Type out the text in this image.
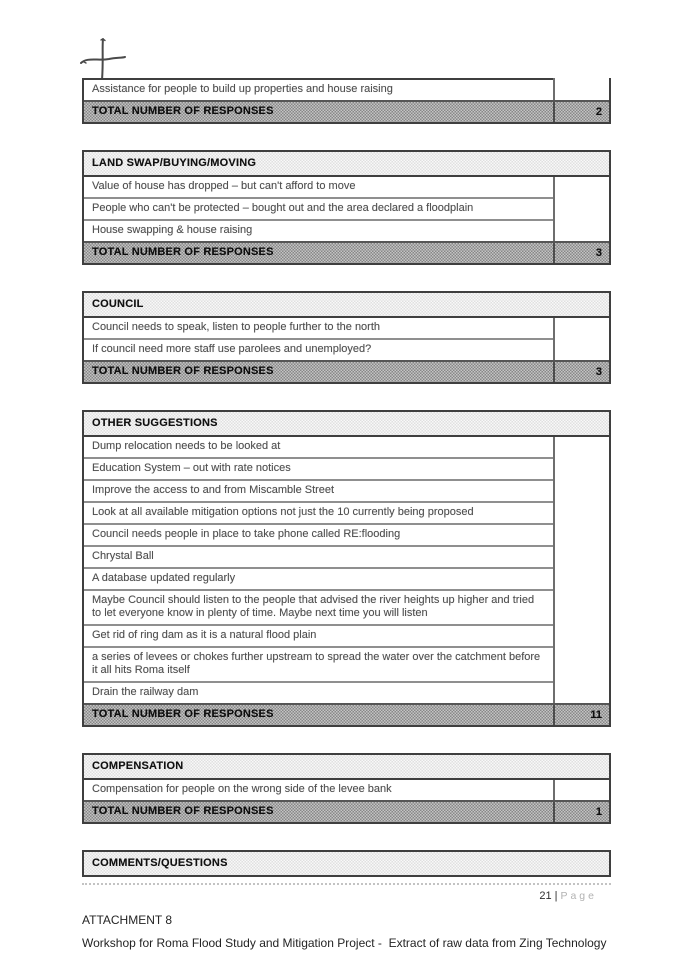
Assistance for people to build up properties and house raising
TOTAL NUMBER OF RESPONSES	2
LAND SWAP/BUYING/MOVING
Value of house has dropped – but can't afford to move
People who can't be protected – bought out and the area declared a floodplain
House swapping & house raising
TOTAL NUMBER OF RESPONSES	3
COUNCIL
Council needs to speak, listen to people further to the north
If council need more staff use parolees and unemployed?
TOTAL NUMBER OF RESPONSES	3
OTHER SUGGESTIONS
Dump relocation needs to be looked at
Education System – out with rate notices
Improve the access to and from Miscamble Street
Look at all available mitigation options not just the 10 currently being proposed
Council needs people in place to take phone called RE:flooding
Chrystal Ball
A database updated regularly
Maybe Council should listen to the people that advised the river heights up higher and tried to let everyone know in plenty of time. Maybe next time you will listen
Get rid of ring dam as it is a natural flood plain
a series of levees or chokes further upstream to spread the water over the catchment before it all hits Roma itself
Drain the railway dam
TOTAL NUMBER OF RESPONSES	11
COMPENSATION
Compensation for people on the wrong side of the levee bank
TOTAL NUMBER OF RESPONSES	1
COMMENTS/QUESTIONS
21 | Page
ATTACHMENT 8
Workshop for Roma Flood Study and Mitigation Project -  Extract of raw data from Zing Technology
